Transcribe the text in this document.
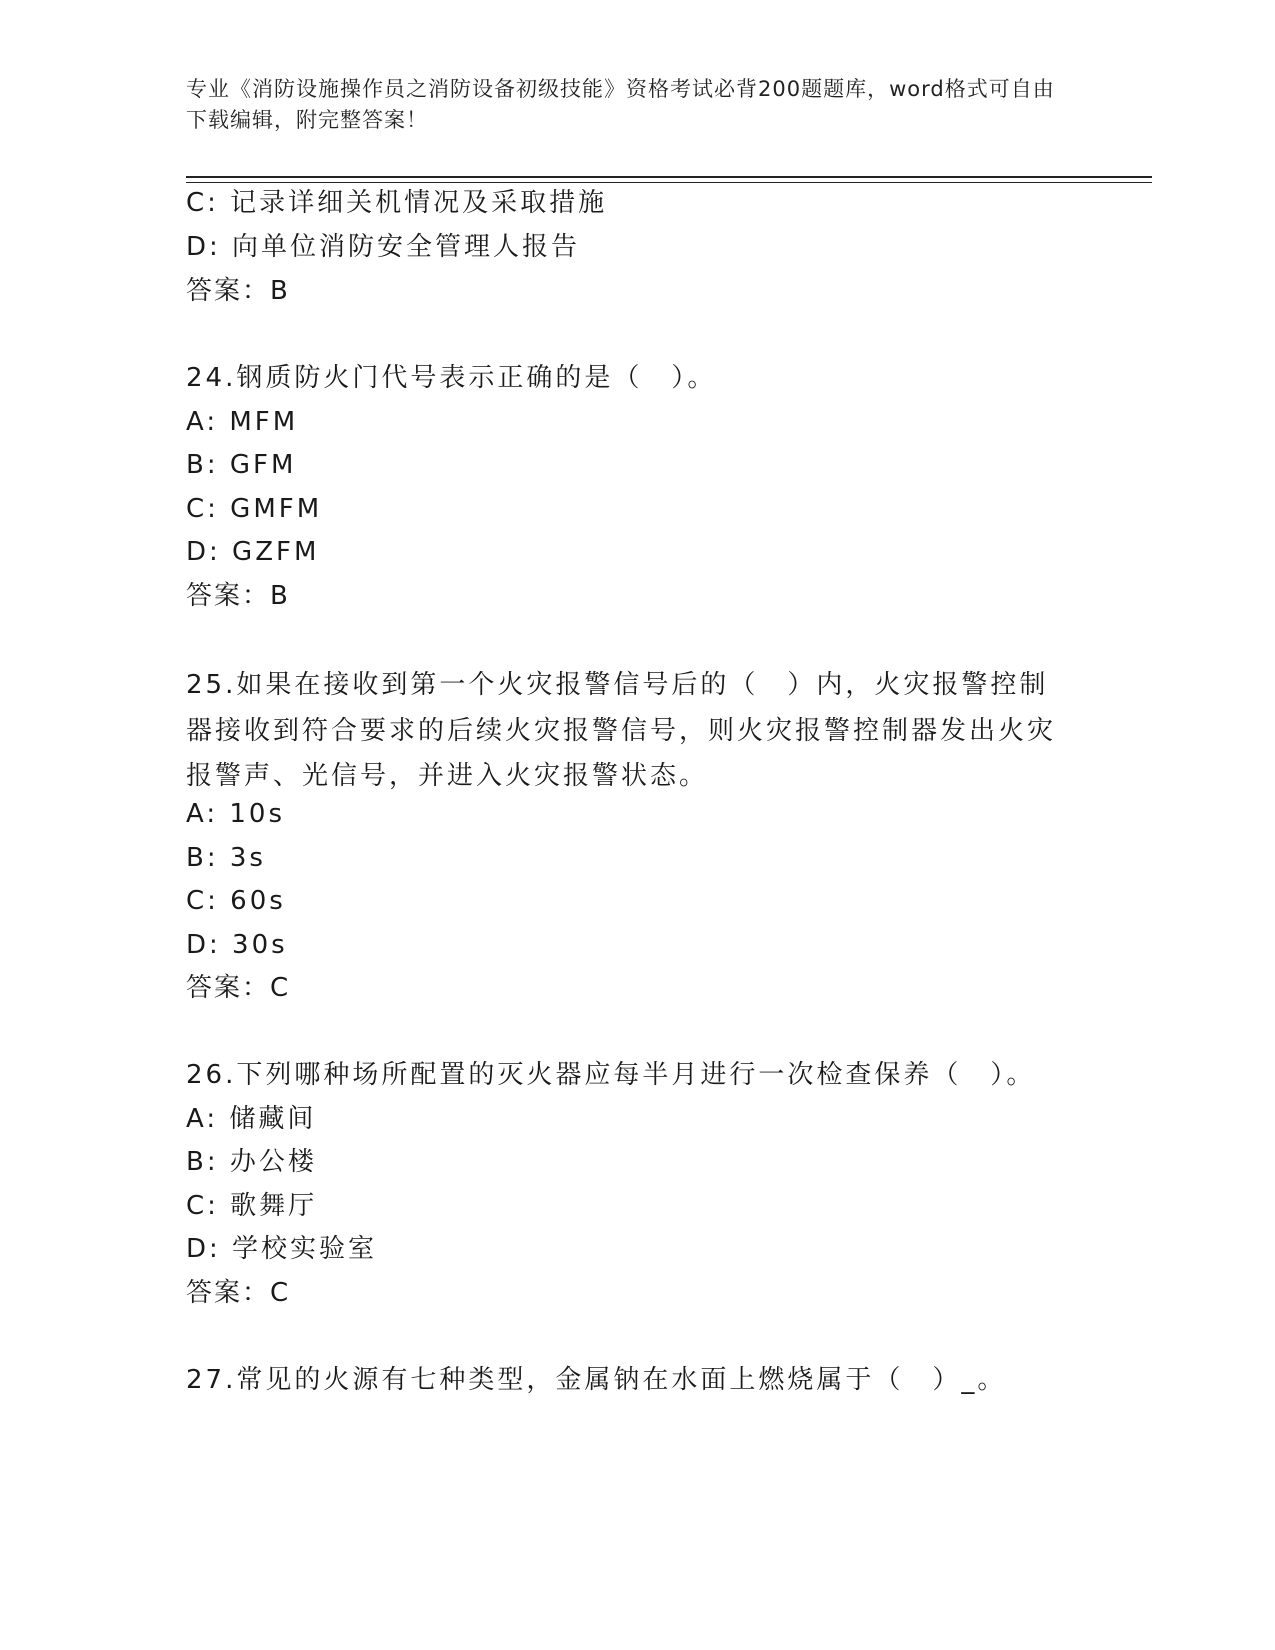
专业《消防设施操作员之消防设备初级技能》资格考试必背200题题库，word格式可自由下载编辑，附完整答案！
C: 记录详细关机情况及采取措施
D: 向单位消防安全管理人报告
答案：B
24.钢质防火门代号表示正确的是（　）。
A: MFM
B: GFM
C: GMFM
D: GZFM
答案：B
25.如果在接收到第一个火灾报警信号后的（　）内，火灾报警控制器接收到符合要求的后续火灾报警信号，则火灾报警控制器发出火灾报警声、光信号，并进入火灾报警状态。
A: 10s
B: 3s
C: 60s
D: 30s
答案：C
26.下列哪种场所配置的灭火器应每半月进行一次检查保养（　）。
A: 储藏间
B: 办公楼
C: 歌舞厅
D: 学校实验室
答案：C
27.常见的火源有七种类型，金属钠在水面上燃烧属于（　）_。
